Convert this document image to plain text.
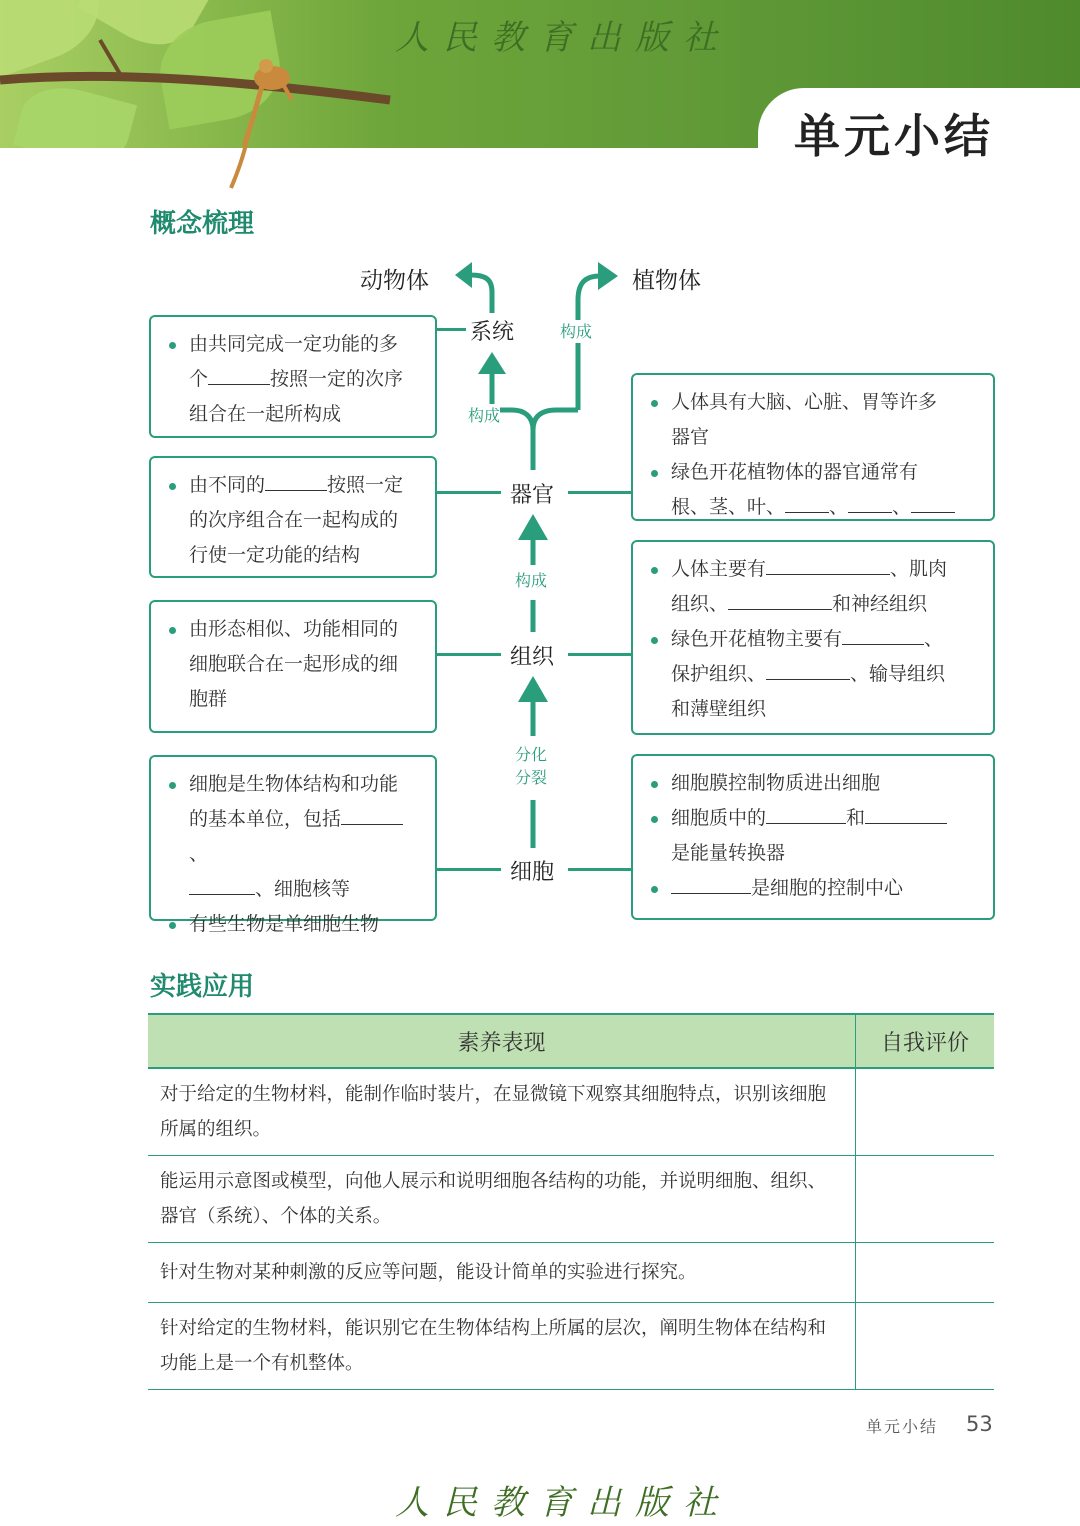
人民教育出版社
单元小结
概念梳理
动物体	植物体
构成
构成
构成
分化
分裂
系统
器官
组织
细胞
由共同完成一定功能的多
个	按照一定的次序
组合在一起所构成
由不同的	按照一定
的次序组合在一起构成的
行使一定功能的结构
由形态相似、功能相同的
细胞联合在一起形成的细
胞群
细胞是生物体结构和功能
的基本单位，包括、
、细胞核等
有些生物是单细胞生物
人体具有大脑、心脏、胃等许多
器官
绿色开花植物体的器官通常有
根、茎、叶、 、 、
人体主要有	、肌肉
组织、	和神经组织
绿色开花植物主要有	、
保护组织、	、输导组织
和薄壁组织
细胞膜控制物质进出细胞
细胞质中的	和
是能量转换器
是细胞的控制中心
实践应用
素养表现	自我评价
对于给定的生物材料，能制作临时装片，在显微镜下观察其细胞特点，识别该细胞所属的组织。	
能运用示意图或模型，向他人展示和说明细胞各结构的功能，并说明细胞、组织、器官（系统）、个体的关系。	
针对生物对某种刺激的反应等问题，能设计简单的实验进行探究。	
针对给定的生物材料，能识别它在生物体结构上所属的层次，阐明生物体在结构和功能上是一个有机整体。	
单元小结 53
人民教育出版社
